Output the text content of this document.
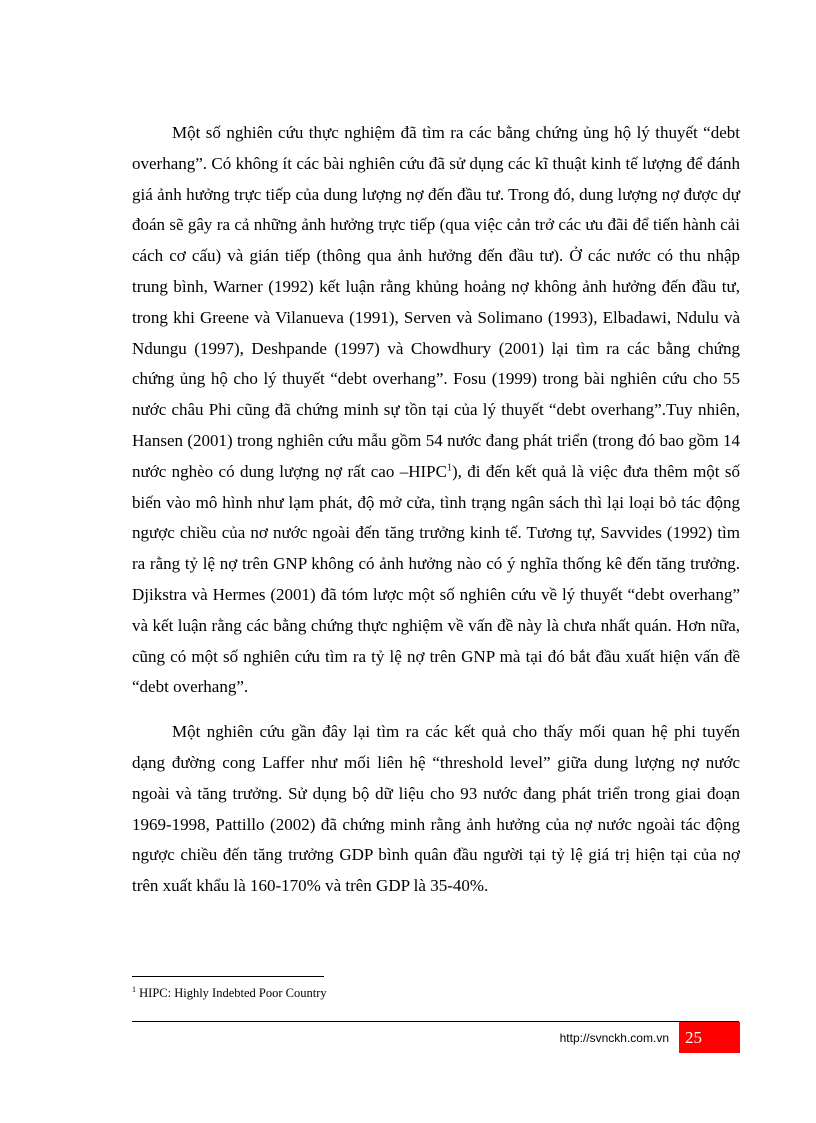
Một số nghiên cứu thực nghiệm đã tìm ra các bằng chứng ủng hộ lý thuyết “debt overhang”. Có không ít các bài nghiên cứu đã sử dụng các kĩ thuật kinh tế lượng để đánh giá ảnh hưởng trực tiếp của dung lượng nợ đến đầu tư. Trong đó, dung lượng nợ được dự đoán sẽ gây ra cả những ảnh hưởng trực tiếp (qua việc cản trở các ưu đãi để tiến hành cải cách cơ cấu) và gián tiếp (thông qua ảnh hưởng đến đầu tư). Ở các nước có thu nhập trung bình, Warner (1992) kết luận rằng khủng hoảng nợ không ảnh hưởng đến đầu tư, trong khi Greene và Vilanueva (1991), Serven và Solimano (1993), Elbadawi, Ndulu và Ndungu (1997), Deshpande (1997) và Chowdhury (2001) lại tìm ra các bằng chứng chứng ủng hộ cho lý thuyết “debt overhang”. Fosu (1999) trong bài nghiên cứu cho 55 nước châu Phi cũng đã chứng minh sự tồn tại của lý thuyết “debt overhang”.Tuy nhiên, Hansen (2001) trong nghiên cứu mẫu gồm 54 nước đang phát triển (trong đó bao gồm 14 nước nghèo có dung lượng nợ rất cao –HIPC$^1$), đi đến kết quả là việc đưa thêm một số biến vào mô hình như lạm phát, độ mở cửa, tình trạng ngân sách thì lại loại bỏ tác động ngược chiều của nơ nước ngoài đến tăng trưởng kinh tế. Tương tự, Savvides (1992) tìm ra rằng tỷ lệ nợ trên GNP không có ảnh hưởng nào có ý nghĩa thống kê đến tăng trưởng. Djikstra và Hermes (2001) đã tóm lược một số nghiên cứu về lý thuyết “debt overhang” và kết luận rằng các bằng chứng thực nghiệm về vấn đề này là chưa nhất quán. Hơn nữa, cũng có một số nghiên cứu tìm ra tỷ lệ nợ trên GNP mà tại đó bắt đầu xuất hiện vấn đề “debt overhang”.

Một nghiên cứu gần đây lại tìm ra các kết quả cho thấy mối quan hệ phi tuyến dạng đường cong Laffer như mối liên hệ “threshold level” giữa dung lượng nợ nước ngoài và tăng trưởng. Sử dụng bộ dữ liệu cho 93 nước đang phát triển trong giai đoạn 1969-1998, Pattillo (2002) đã chứng minh rằng ảnh hưởng của nợ nước ngoài tác động ngược chiều đến tăng trưởng GDP bình quân đầu người tại tỷ lệ giá trị hiện tại của nợ trên xuất khẩu là 160-170% và trên GDP là 35-40%.

$^1$ HIPC: Highly Indebted Poor Country
http://svnckh.com.vn 25
